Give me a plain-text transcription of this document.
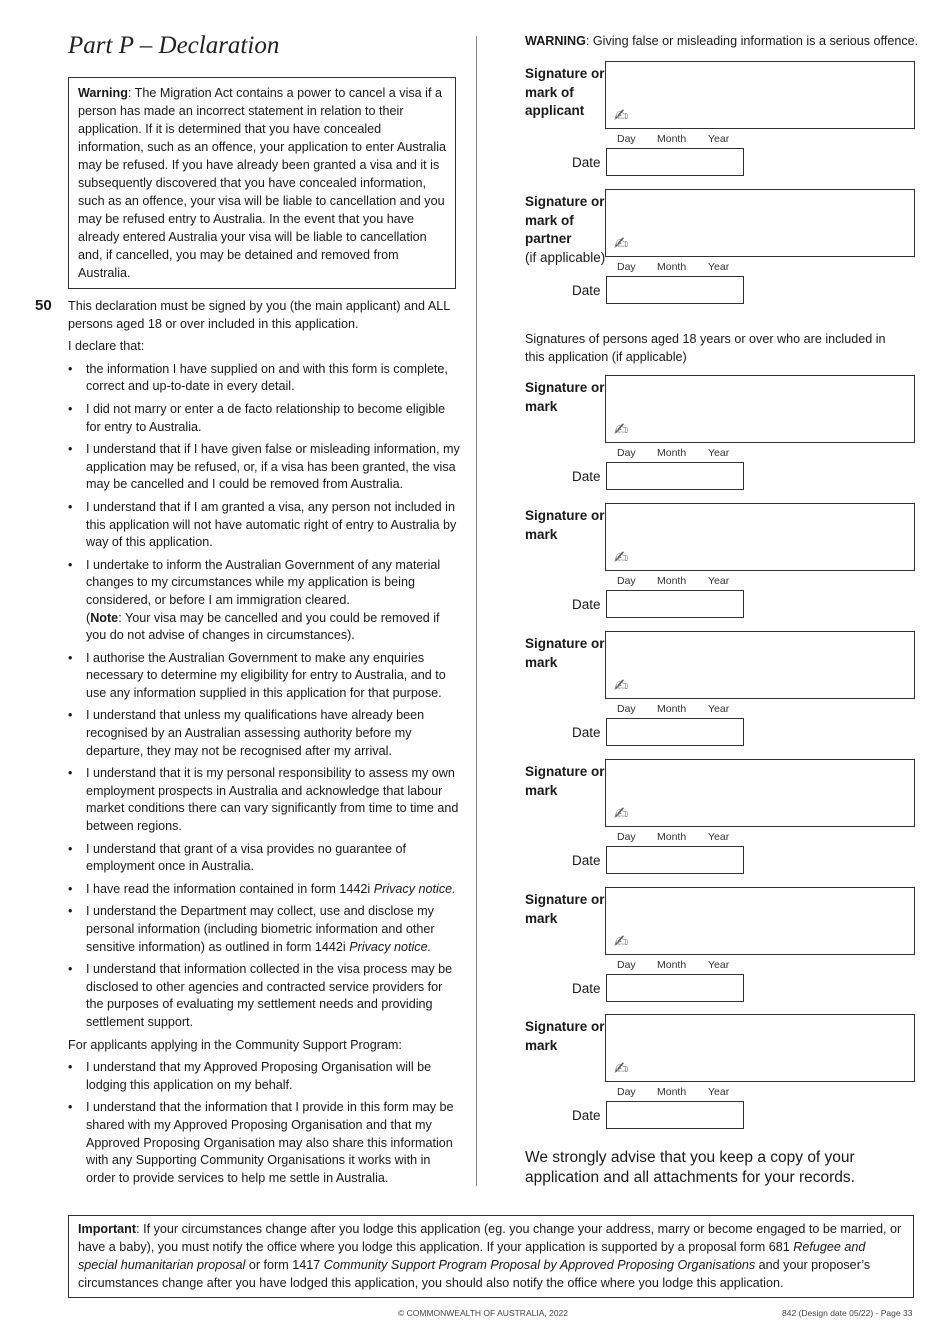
Part P – Declaration
Warning: The Migration Act contains a power to cancel a visa if a person has made an incorrect statement in relation to their application. If it is determined that you have concealed information, such as an offence, your application to enter Australia may be refused. If you have already been granted a visa and it is subsequently discovered that you have concealed information, such as an offence, your visa will be liable to cancellation and you may be refused entry to Australia. In the event that you have already entered Australia your visa will be liable to cancellation and, if cancelled, you may be detained and removed from Australia.
50 This declaration must be signed by you (the main applicant) and ALL persons aged 18 or over included in this application.

I declare that:

• the information I have supplied on and with this form is complete, correct and up-to-date in every detail.
• I did not marry or enter a de facto relationship to become eligible for entry to Australia.
• I understand that if I have given false or misleading information, my application may be refused, or, if a visa has been granted, the visa may be cancelled and I could be removed from Australia.
• I understand that if I am granted a visa, any person not included in this application will not have automatic right of entry to Australia by way of this application.
• I undertake to inform the Australian Government of any material changes to my circumstances while my application is being considered, or before I am immigration cleared.
(Note: Your visa may be cancelled and you could be removed if you do not advise of changes in circumstances).
• I authorise the Australian Government to make any enquiries necessary to determine my eligibility for entry to Australia, and to use any information supplied in this application for that purpose.
• I understand that unless my qualifications have already been recognised by an Australian assessing authority before my departure, they may not be recognised after my arrival.
• I understand that it is my personal responsibility to assess my own employment prospects in Australia and acknowledge that labour market conditions there can vary significantly from time to time and between regions.
• I understand that grant of a visa provides no guarantee of employment once in Australia.
• I have read the information contained in form 1442i Privacy notice.
• I understand the Department may collect, use and disclose my personal information (including biometric information and other sensitive information) as outlined in form 1442i Privacy notice.
• I understand that information collected in the visa process may be disclosed to other agencies and contracted service providers for the purposes of evaluating my settlement needs and providing settlement support.

For applicants applying in the Community Support Program:

• I understand that my Approved Proposing Organisation will be lodging this application on my behalf.
• I understand that the information that I provide in this form may be shared with my Approved Proposing Organisation and that my Approved Proposing Organisation may also share this information with any Supporting Community Organisations it works with in order to provide services to help me settle in Australia.
WARNING: Giving false or misleading information is a serious offence.
Signatures of persons aged 18 years or over who are included in this application (if applicable)
Signature or mark of applicant	✍
Day Month Year
Date
Signature or mark of partner
(if applicable)
✍
Day Month Year
Date
Signature or mark
✍
Day Month Year
Date
Signature or mark
✍
Day Month Year
Date
Signature or mark
✍
Day Month Year
Date
Signature or mark
✍
Day Month Year
Date
Signature or mark
✍
Day Month Year
Date
Signature or mark
✍
Day Month Year
Date
We strongly advise that you keep a copy of your application and all attachments for your records.
Important: If your circumstances change after you lodge this application (eg. you change your address, marry or become engaged to be married, or have a baby), you must notify the office where you lodge this application. If your application is supported by a proposal form 681 Refugee and special humanitarian proposal or form 1417 Community Support Program Proposal by Approved Proposing Organisations and your proposer’s circumstances change after you have lodged this application, you should also notify the office where you lodge this application.
© COMMONWEALTH OF AUSTRALIA, 2022	842 (Design date 05/22) - Page 33
